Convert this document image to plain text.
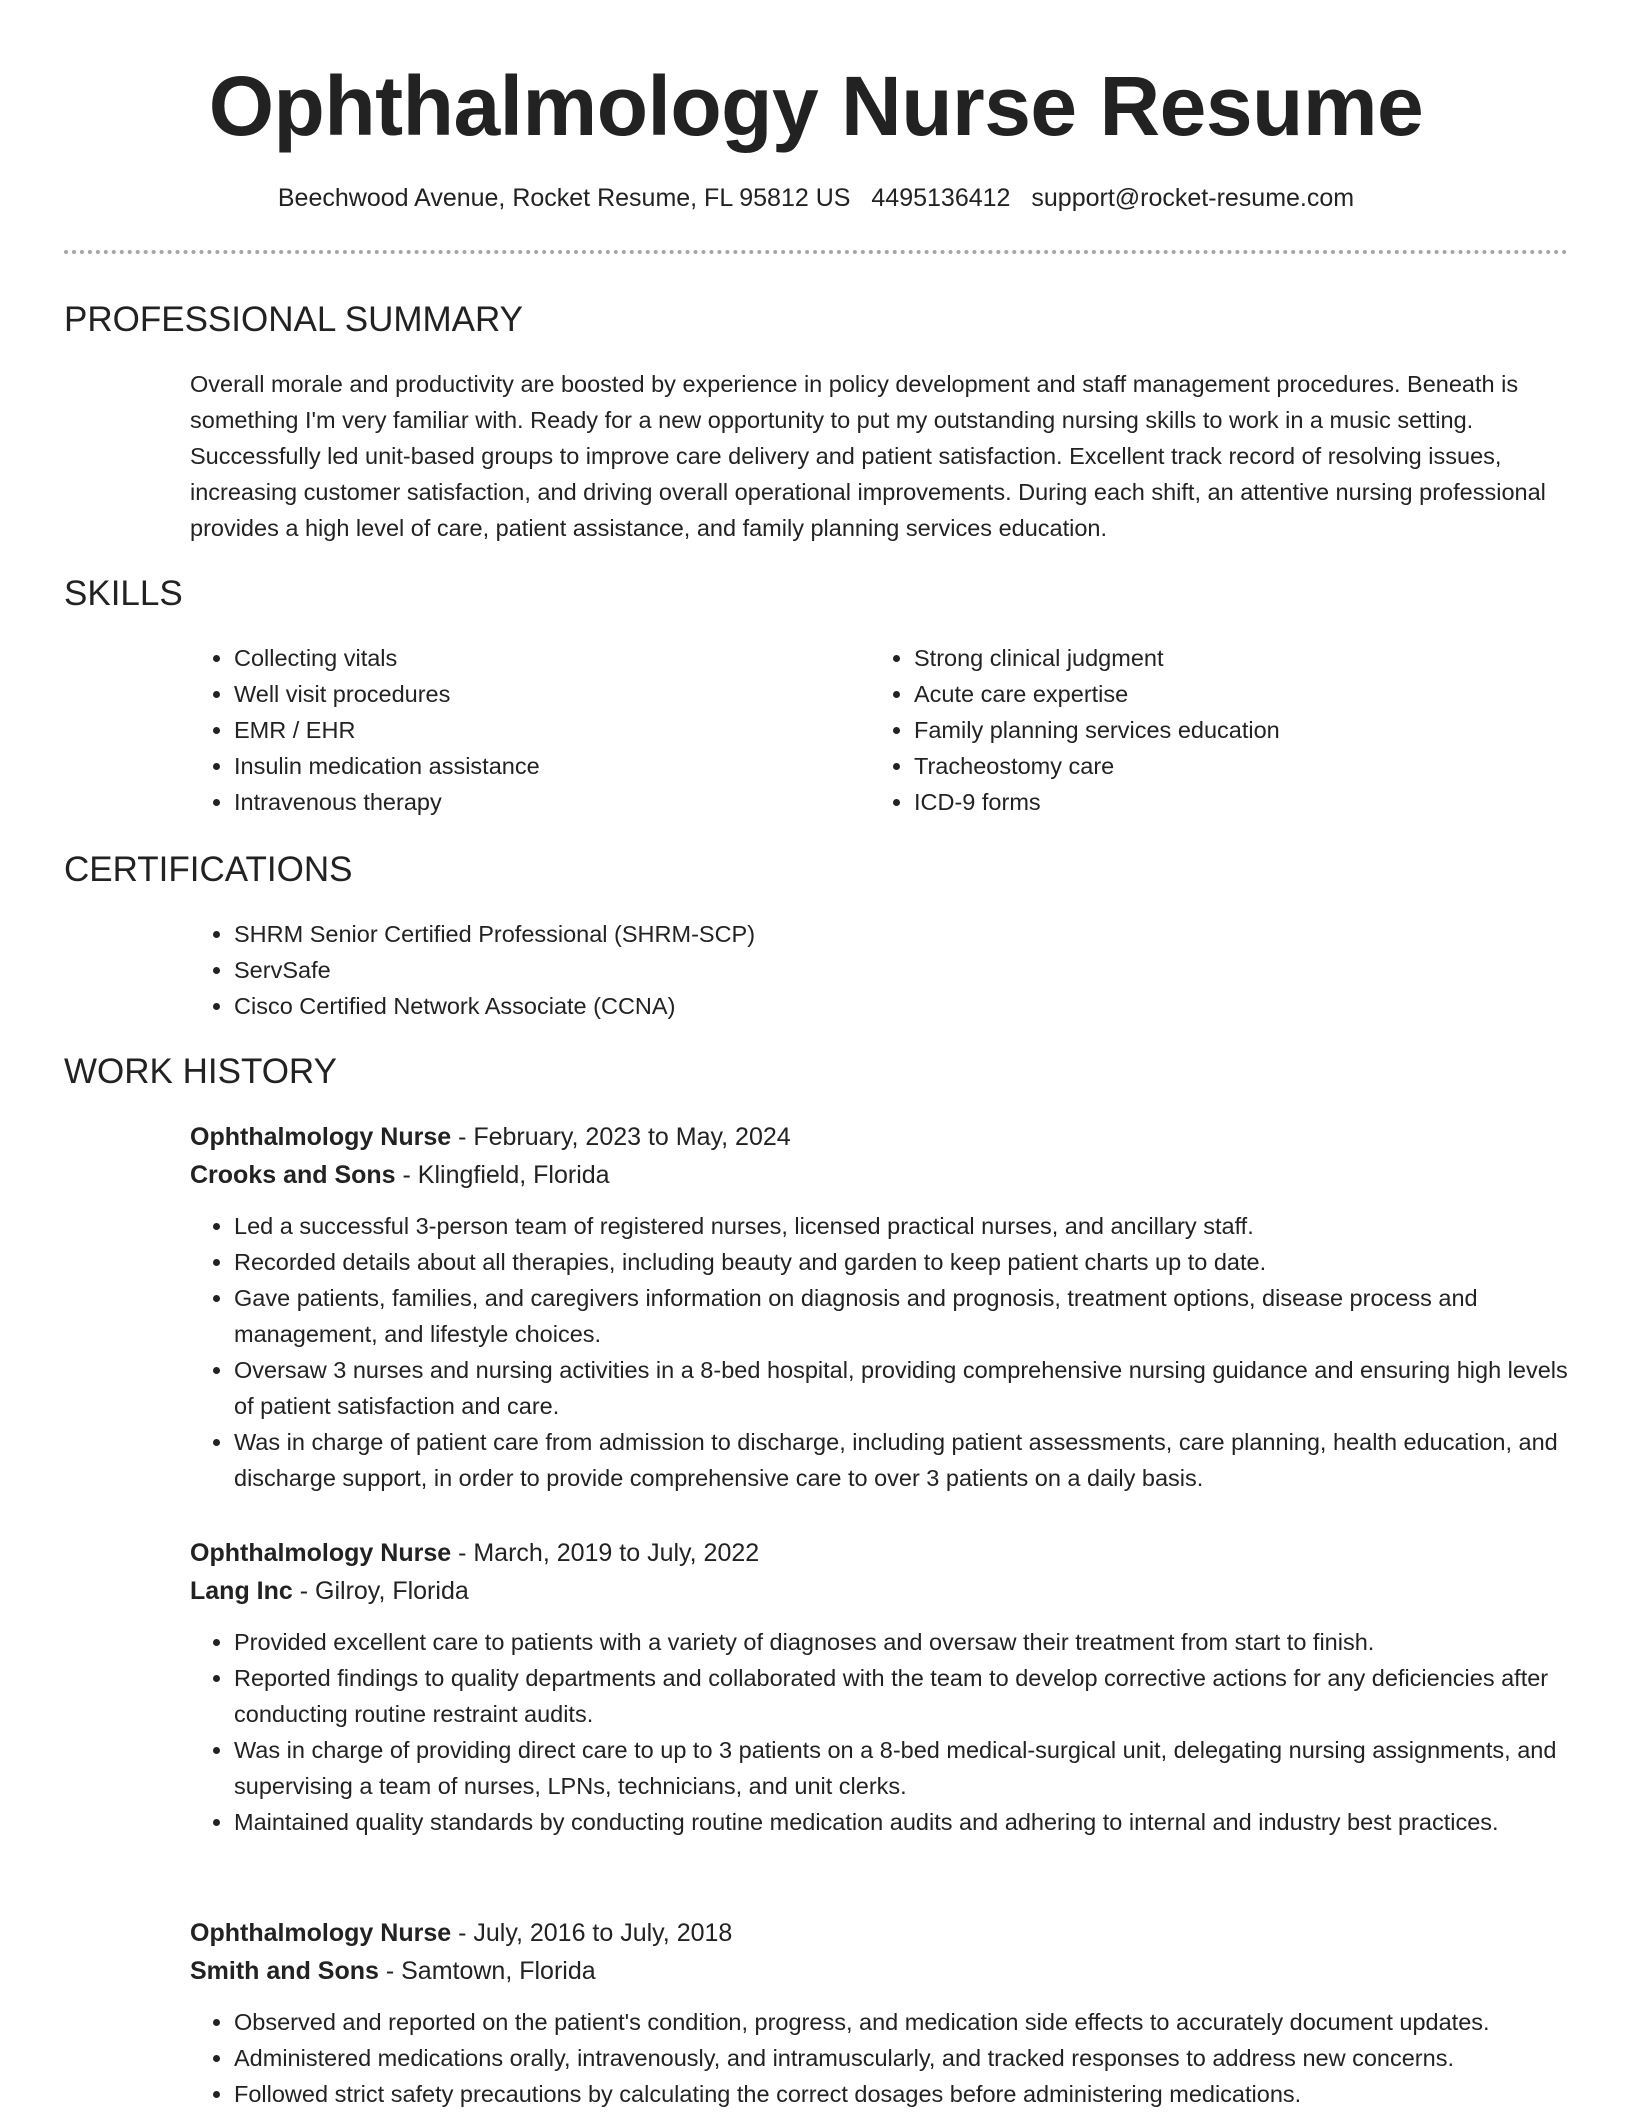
Ophthalmology Nurse Resume
Beechwood Avenue, Rocket Resume, FL 95812 US 4495136412 support@rocket-resume.com
PROFESSIONAL SUMMARY

Overall morale and productivity are boosted by experience in policy development and staff management procedures. Beneath is something I'm very familiar with. Ready for a new opportunity to put my outstanding nursing skills to work in a music setting. Successfully led unit-based groups to improve care delivery and patient satisfaction. Excellent track record of resolving issues, increasing customer satisfaction, and driving overall operational improvements. During each shift, an attentive nursing professional provides a high level of care, patient assistance, and family planning services education.

SKILLS
• Collecting vitals
• Well visit procedures
• EMR / EHR
• Insulin medication assistance
• Intravenous therapy
• Strong clinical judgment
• Acute care expertise
• Family planning services education
• Tracheostomy care
• ICD-9 forms
CERTIFICATIONS
• SHRM Senior Certified Professional (SHRM-SCP)
• ServSafe
• Cisco Certified Network Associate (CCNA)
WORK HISTORY

Ophthalmology Nurse - February, 2023 to May, 2024

Crooks and Sons - Klingfield, Florida

• Led a successful 3-person team of registered nurses, licensed practical nurses, and ancillary staff.
• Recorded details about all therapies, including beauty and garden to keep patient charts up to date.
• Gave patients, families, and caregivers information on diagnosis and prognosis, treatment options, disease process and management, and lifestyle choices.
• Oversaw 3 nurses and nursing activities in a 8-bed hospital, providing comprehensive nursing guidance and ensuring high levels of patient satisfaction and care.
• Was in charge of patient care from admission to discharge, including patient assessments, care planning, health education, and discharge support, in order to provide comprehensive care to over 3 patients on a daily basis.

Ophthalmology Nurse - March, 2019 to July, 2022

Lang Inc - Gilroy, Florida

• Provided excellent care to patients with a variety of diagnoses and oversaw their treatment from start to finish.
• Reported findings to quality departments and collaborated with the team to develop corrective actions for any deficiencies after conducting routine restraint audits.
• Was in charge of providing direct care to up to 3 patients on a 8-bed medical-surgical unit, delegating nursing assignments, and supervising a team of nurses, LPNs, technicians, and unit clerks.
• Maintained quality standards by conducting routine medication audits and adhering to internal and industry best practices.

Ophthalmology Nurse - July, 2016 to July, 2018

Smith and Sons - Samtown, Florida

• Observed and reported on the patient's condition, progress, and medication side effects to accurately document updates.
• Administered medications orally, intravenously, and intramuscularly, and tracked responses to address new concerns.
• Followed strict safety precautions by calculating the correct dosages before administering medications.
